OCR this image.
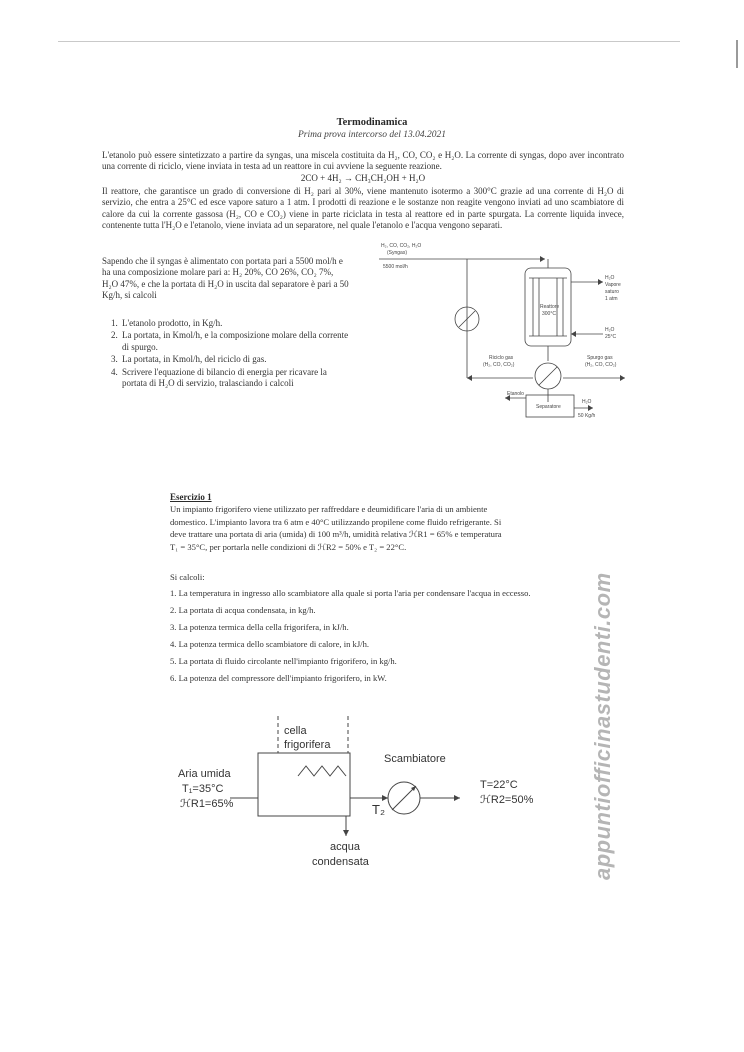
Termodinamica
Prima prova intercorso del 13.04.2021
L'etanolo può essere sintetizzato a partire da syngas, una miscela costituita da H₂, CO, CO₂ e H₂O. La corrente di syngas, dopo aver incontrato una corrente di riciclo, viene inviata in testa ad un reattore in cui avviene la seguente reazione.
2CO + 4H₂ → CH₃CH₂OH + H₂O
Il reattore, che garantisce un grado di conversione di H₂ pari al 30%, viene mantenuto isotermo a 300°C grazie ad una corrente di H₂O di servizio, che entra a 25°C ed esce vapore saturo a 1 atm. I prodotti di reazione e le sostanze non reagite vengono inviati ad uno scambiatore di calore da cui la corrente gassosa (H₂, CO e CO₂) viene in parte riciclata in testa al reattore ed in parte spurgata. La corrente liquida invece, contenente tutta l'H₂O e l'etanolo, viene inviata ad un separatore, nel quale l'etanolo e l'acqua vengono separati.
Sapendo che il syngas è alimentato con portata pari a 5500 mol/h e ha una composizione molare pari a: H₂ 20%, CO 26%, CO₂ 7%, H₂O 47%, e che la portata di H₂O in uscita dal separatore è pari a 50 Kg/h, si calcoli
1. L'etanolo prodotto, in Kg/h.
2. La portata, in Kmol/h, e la composizione molare della corrente di spurgo.
3. La portata, in Kmol/h, del riciclo di gas.
4. Scrivere l'equazione di bilancio di energia per ricavare la portata di H₂O di servizio, tralasciando i calcoli
H₂, CO, CO₂, H₂O
(Syngas)
5500 mol/h
H₂O
Vapore
saturo
1 atm
Reattore
300°C
H₂O
25°C
Riciclo gas
(H₂, CO, CO₂)
Spurgo gas
(H₂, CO, CO₂)
Etanolo
Separatore
H₂O
50 Kg/h
Esercizio 1
Un impianto frigorifero viene utilizzato per raffreddare e deumidificare l'aria di un ambiente
domestico. L'impianto lavora tra 6 atm e 40°C utilizzando propilene come fluido refrigerante. Si
deve trattare una portata di aria (umida) di 100 m³/h, umidità relativa ℋR1 = 65% e temperatura
T₁ = 35°C, per portarla nelle condizioni di ℋR2 = 50% e T₂ = 22°C.
Si calcoli:
1. La temperatura in ingresso allo scambiatore alla quale si porta l'aria per condensare l'acqua in eccesso.
2. La portata di acqua condensata, in kg/h.
3. La potenza termica della cella frigorifera, in kJ/h.
4. La potenza termica dello scambiatore di calore, in kJ/h.
5. La portata di fluido circolante nell'impianto frigorifero, in kg/h.
6. La potenza del compressore dell'impianto frigorifero, in kW.
cella
frigorifera
Aria umida
T₁=35°C
ℋR1=65%
Scambiatore
T₂
T=22°C
ℋR2=50%
acqua
condensata	appuntiofficinastudenti.com
